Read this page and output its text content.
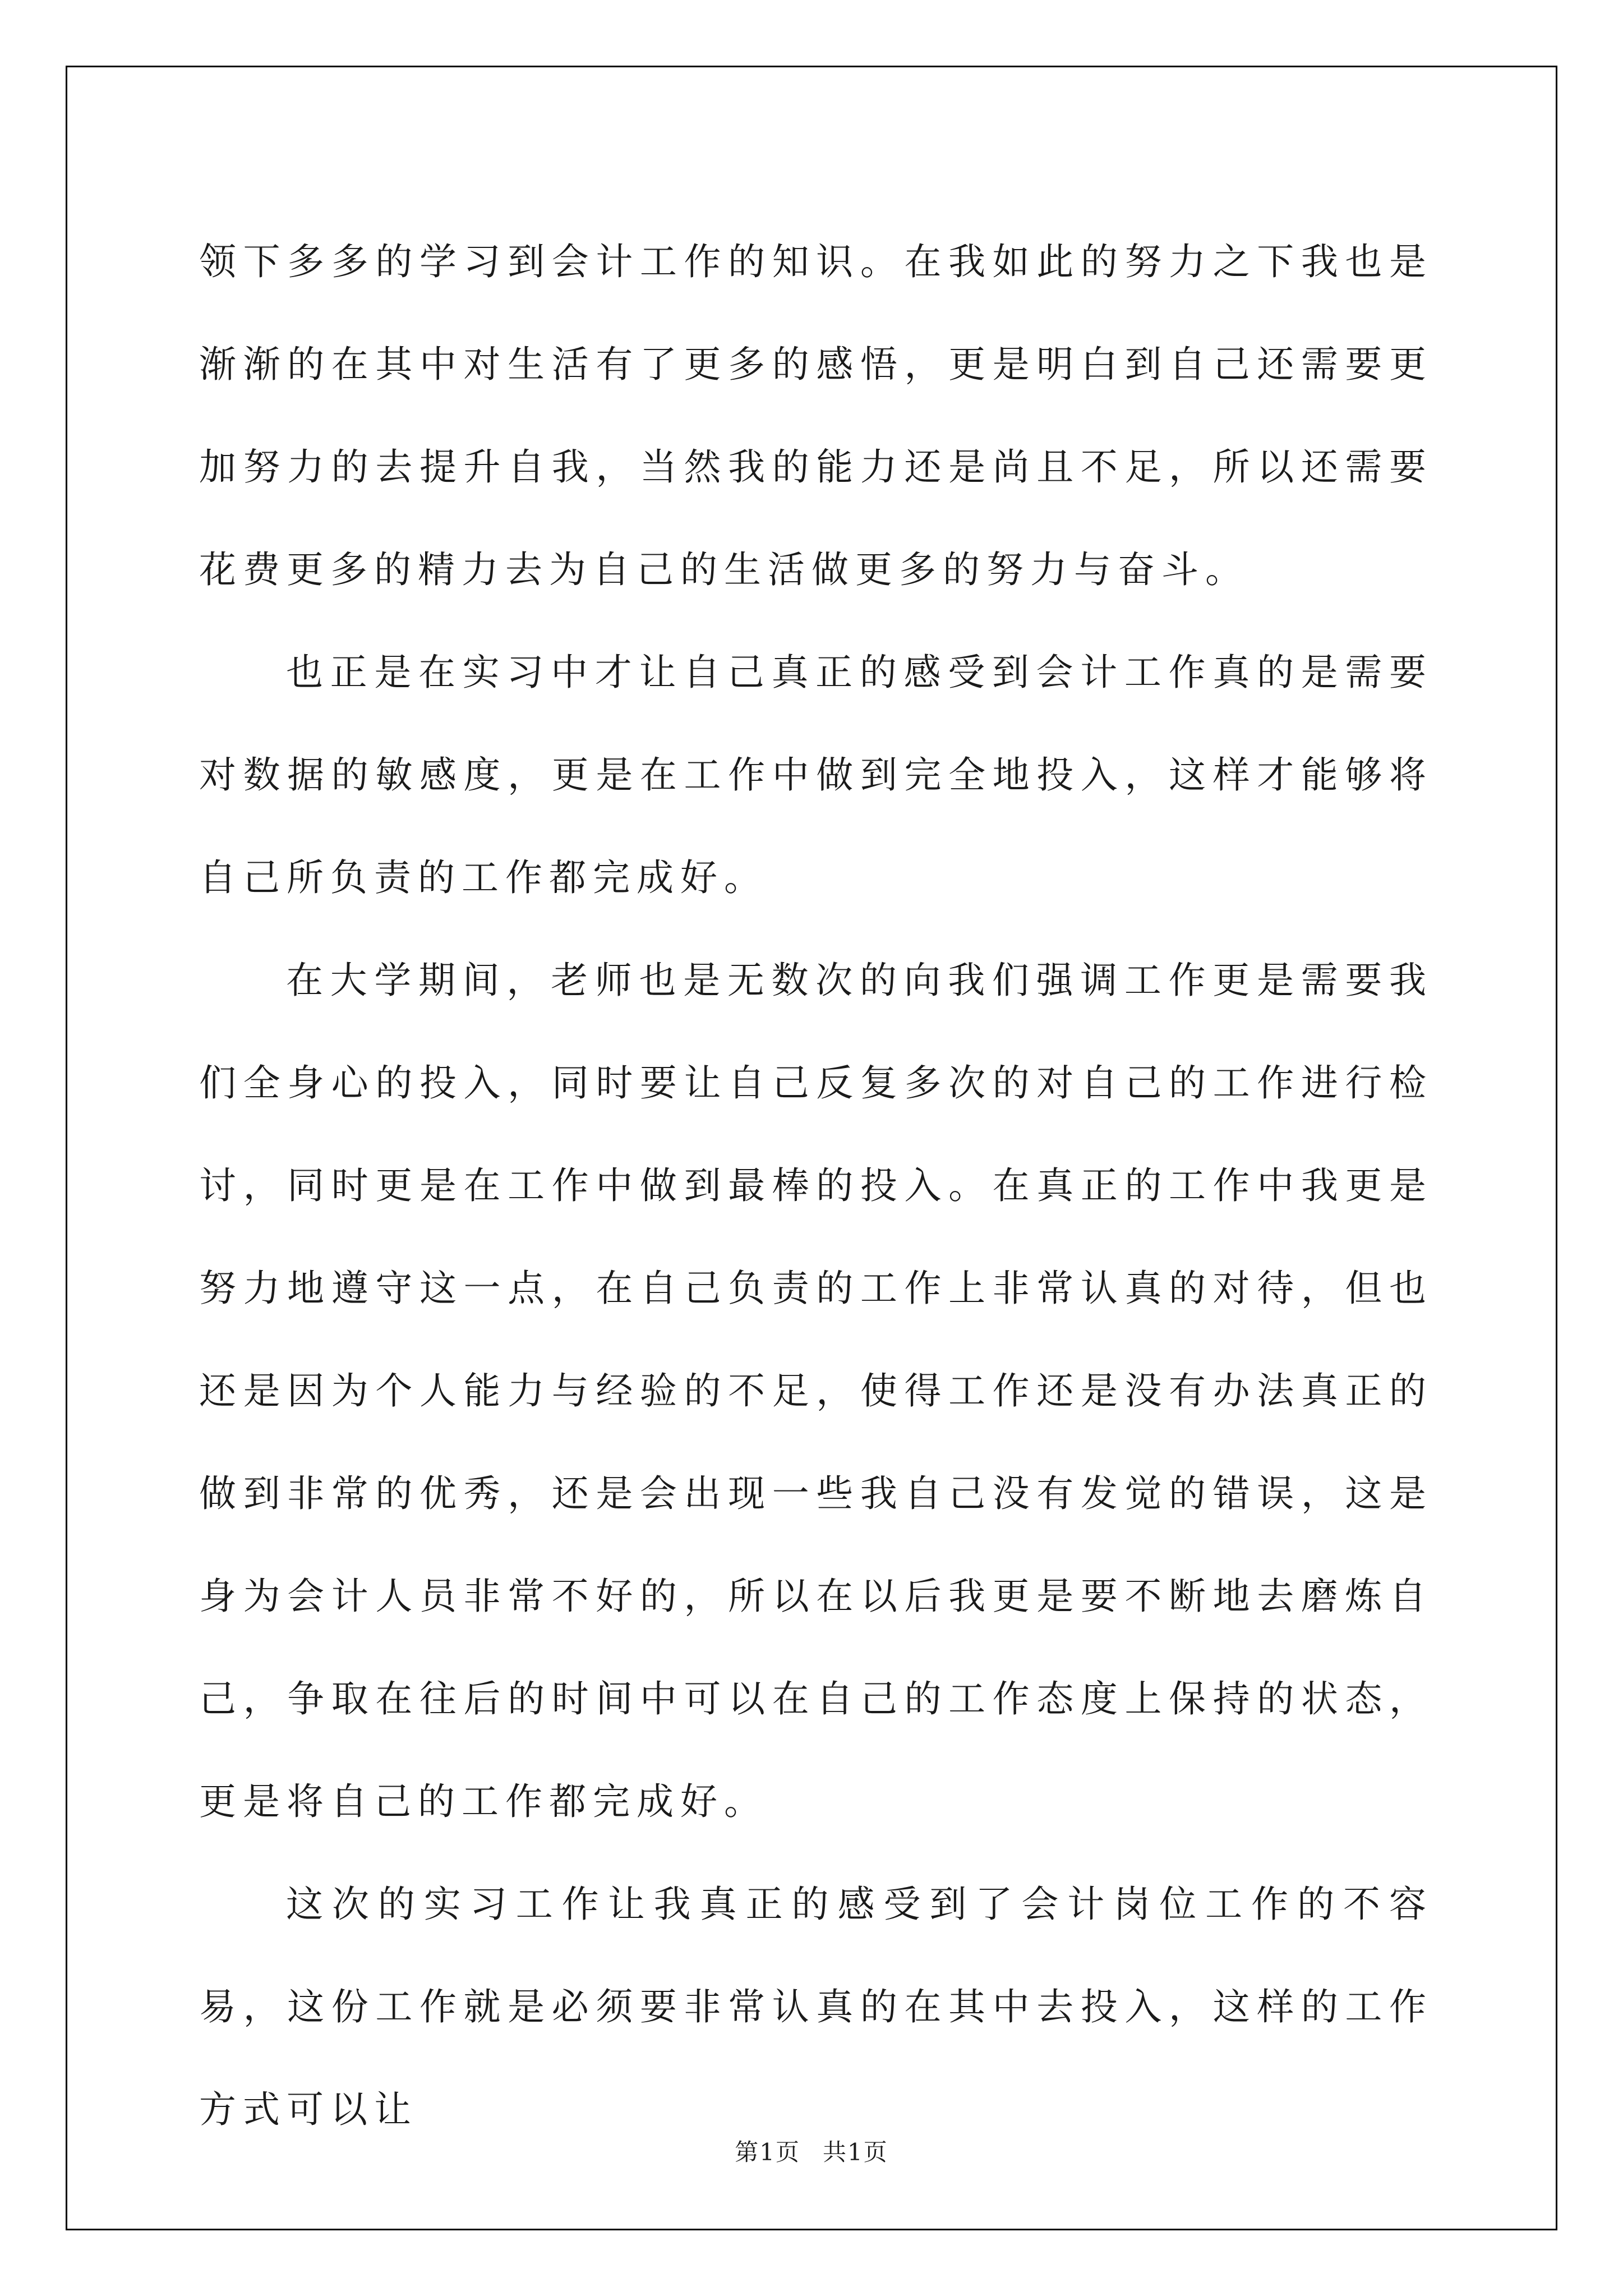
领下多多的学习到会计工作的知识。在我如此的努力之下我也是渐渐的在其中对生活有了更多的感悟，更是明白到自己还需要更加努力的去提升自我，当然我的能力还是尚且不足，所以还需要花费更多的精力去为自己的生活做更多的努力与奋斗。

也正是在实习中才让自己真正的感受到会计工作真的是需要对数据的敏感度，更是在工作中做到完全地投入，这样才能够将自己所负责的工作都完成好。

在大学期间，老师也是无数次的向我们强调工作更是需要我们全身心的投入，同时要让自己反复多次的对自己的工作进行检讨，同时更是在工作中做到最棒的投入。在真正的工作中我更是努力地遵守这一点，在自己负责的工作上非常认真的对待，但也还是因为个人能力与经验的不足，使得工作还是没有办法真正的做到非常的优秀，还是会出现一些我自己没有发觉的错误，这是身为会计人员非常不好的，所以在以后我更是要不断地去磨炼自己，争取在往后的时间中可以在自己的工作态度上保持的状态，更是将自己的工作都完成好。

这次的实习工作让我真正的感受到了会计岗位工作的不容易，这份工作就是必须要非常认真的在其中去投入，这样的工作方式可以让

第1页 共1页
